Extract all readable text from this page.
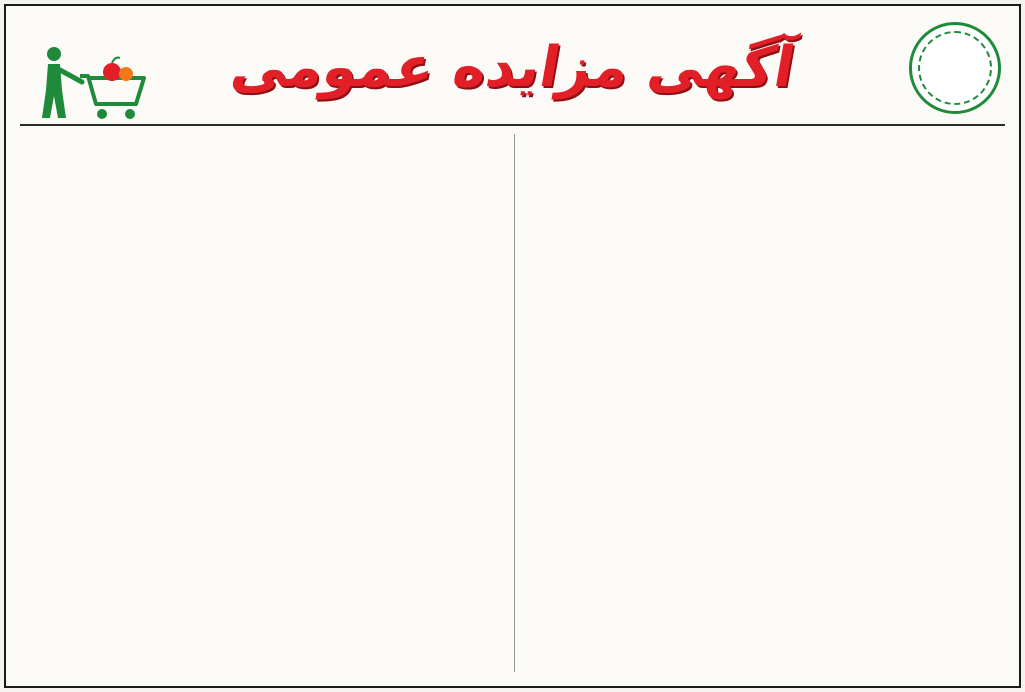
آگهی مزایده عمومی
